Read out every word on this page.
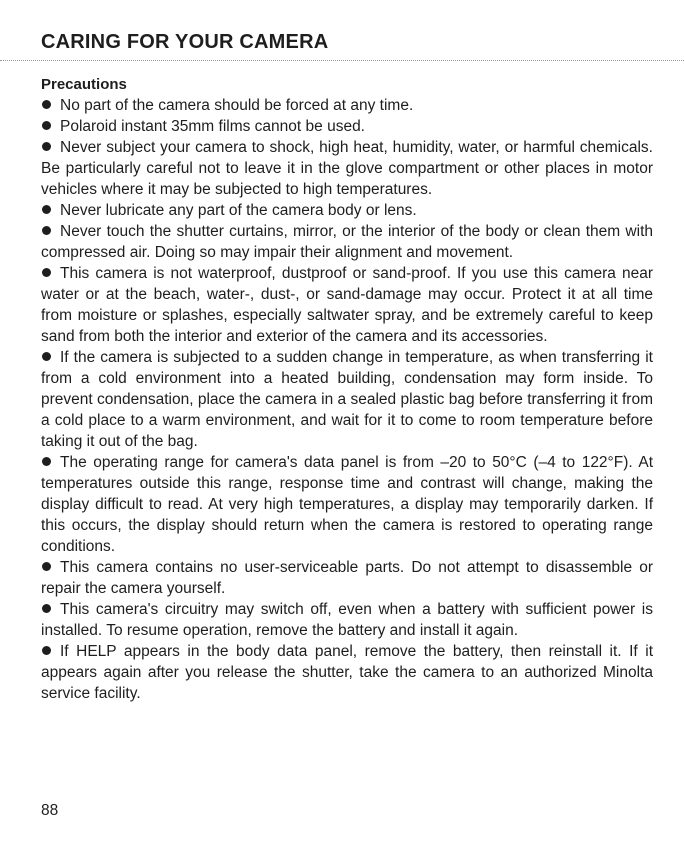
CARING FOR YOUR CAMERA
Precautions
No part of the camera should be forced at any time.
Polaroid instant 35mm films cannot be used.
Never subject your camera to shock, high heat, humidity, water, or harmful chemicals. Be particularly careful not to leave it in the glove compartment or other places in motor vehicles where it may be subjected to high temperatures.
Never lubricate any part of the camera body or lens.
Never touch the shutter curtains, mirror, or the interior of the body or clean them with compressed air. Doing so may impair their alignment and movement.
This camera is not waterproof, dustproof or sand-proof. If you use this camera near water or at the beach, water-, dust-, or sand-damage may occur. Protect it at all time from moisture or splashes, especially saltwater spray, and be extremely careful to keep sand from both the interior and exterior of the camera and its accessories.
If the camera is subjected to a sudden change in temperature, as when transferring it from a cold environment into a heated building, condensation may form inside. To prevent condensation, place the camera in a sealed plastic bag before transferring it from a cold place to a warm environment, and wait for it to come to room temperature before taking it out of the bag.
The operating range for camera's data panel is from –20 to 50°C (–4 to 122°F). At temperatures outside this range, response time and contrast will change, making the display difficult to read. At very high temperatures, a display may temporarily darken. If this occurs, the display should return when the camera is restored to operating range conditions.
This camera contains no user-serviceable parts. Do not attempt to disassemble or repair the camera yourself.
This camera's circuitry may switch off, even when a battery with sufficient power is installed. To resume operation, remove the battery and install it again.
If HELP appears in the body data panel, remove the battery, then reinstall it. If it appears again after you release the shutter, take the camera to an authorized Minolta service facility.
88
